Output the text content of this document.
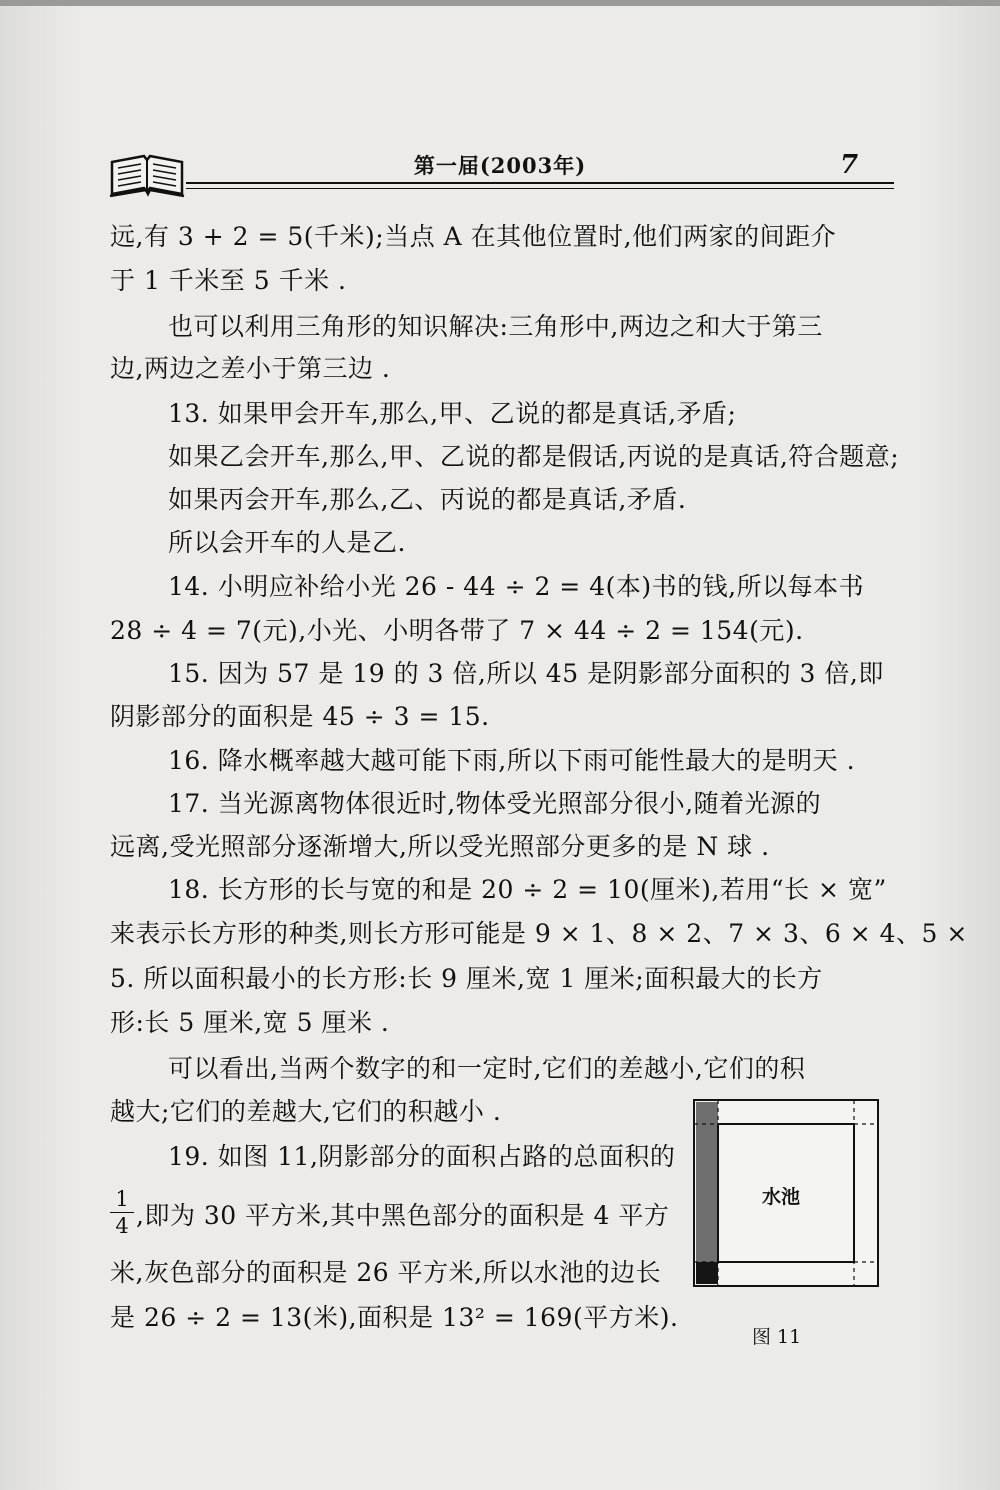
第一届(2003年)	7
远,有 3 + 2 = 5(千米);当点 A 在其他位置时,他们两家的间距介
于 1 千米至 5 千米 .
也可以利用三角形的知识解决:三角形中,两边之和大于第三
边,两边之差小于第三边 .
13. 如果甲会开车,那么,甲、乙说的都是真话,矛盾;
如果乙会开车,那么,甲、乙说的都是假话,丙说的是真话,符合题意;
如果丙会开车,那么,乙、丙说的都是真话,矛盾.
所以会开车的人是乙.
14. 小明应补给小光 26 - 44 ÷ 2 = 4(本)书的钱,所以每本书
28 ÷ 4 = 7(元),小光、小明各带了 7 × 44 ÷ 2 = 154(元).
15. 因为 57 是 19 的 3 倍,所以 45 是阴影部分面积的 3 倍,即
阴影部分的面积是 45 ÷ 3 = 15.
16. 降水概率越大越可能下雨,所以下雨可能性最大的是明天 .
17. 当光源离物体很近时,物体受光照部分很小,随着光源的
远离,受光照部分逐渐增大,所以受光照部分更多的是 N 球 .
18. 长方形的长与宽的和是 20 ÷ 2 = 10(厘米),若用“长 × 宽”
来表示长方形的种类,则长方形可能是 9 × 1、8 × 2、7 × 3、6 × 4、5 ×
5. 所以面积最小的长方形:长 9 厘米,宽 1 厘米;面积最大的长方
形:长 5 厘米,宽 5 厘米 .
可以看出,当两个数字的和一定时,它们的差越小,它们的积
越大;它们的差越大,它们的积越小 .
19. 如图 11,阴影部分的面积占路的总面积的
1
4 ,即为 30 平方米,其中黑色部分的面积是 4 平方
米,灰色部分的面积是 26 平方米,所以水池的边长
是 26 ÷ 2 = 13(米),面积是 13² = 169(平方米).
水池
图 11
